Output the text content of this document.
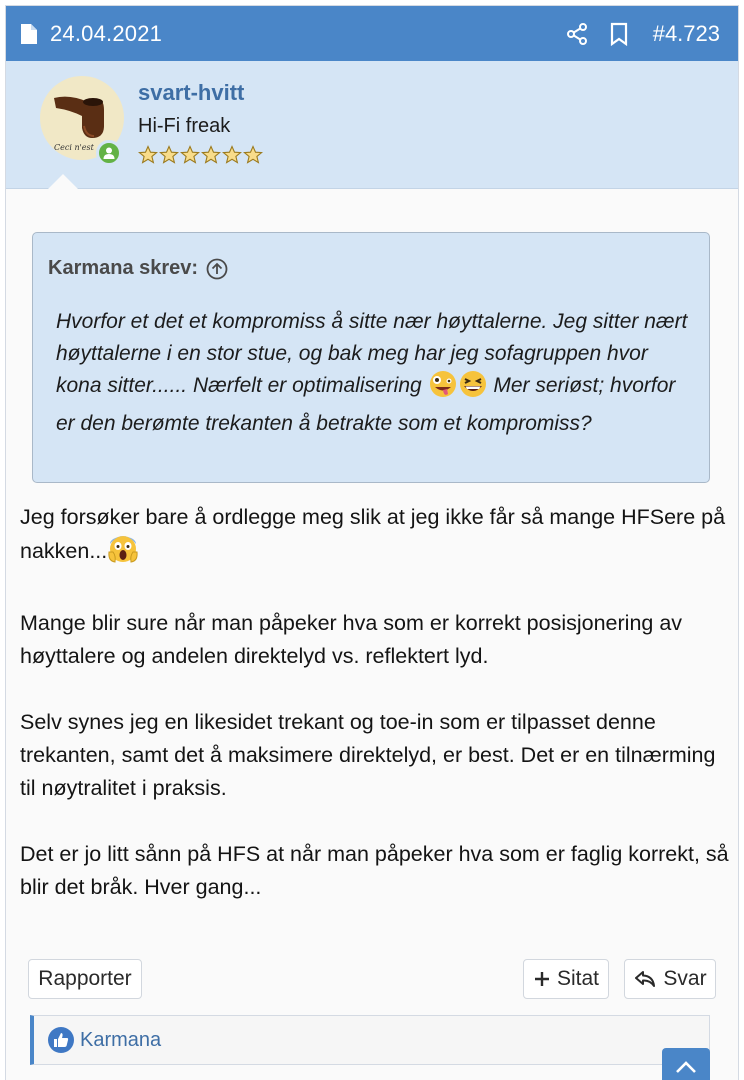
24.04.2021	#4.723
Ceci n'est
svart-hvitt
Hi-Fi freak
Karmana skrev:
Hvorfor et det et kompromiss å sitte nær høyttalerne. Jeg sitter nært høyttalerne i en stor stue, og bak meg har jeg sofagruppen hvor kona sitter...... Nærfelt er optimalisering	Mer seriøst; hvorfor er den berømte trekanten å betrakte som et kompromiss?

Jeg forsøker bare å ordlegge meg slik at jeg ikke får så mange HFSere på nakken...

Mange blir sure når man påpeker hva som er korrekt posisjonering av høyttalere og andelen direktelyd vs. reflektert lyd.

Selv synes jeg en likesidet trekant og toe-in som er tilpasset denne trekanten, samt det å maksimere direktelyd, er best. Det er en tilnærming til nøytralitet i praksis.

Det er jo litt sånn på HFS at når man påpeker hva som er faglig korrekt, så blir det bråk. Hver gang...

Rapporter	Sitat	Svar
Karmana
